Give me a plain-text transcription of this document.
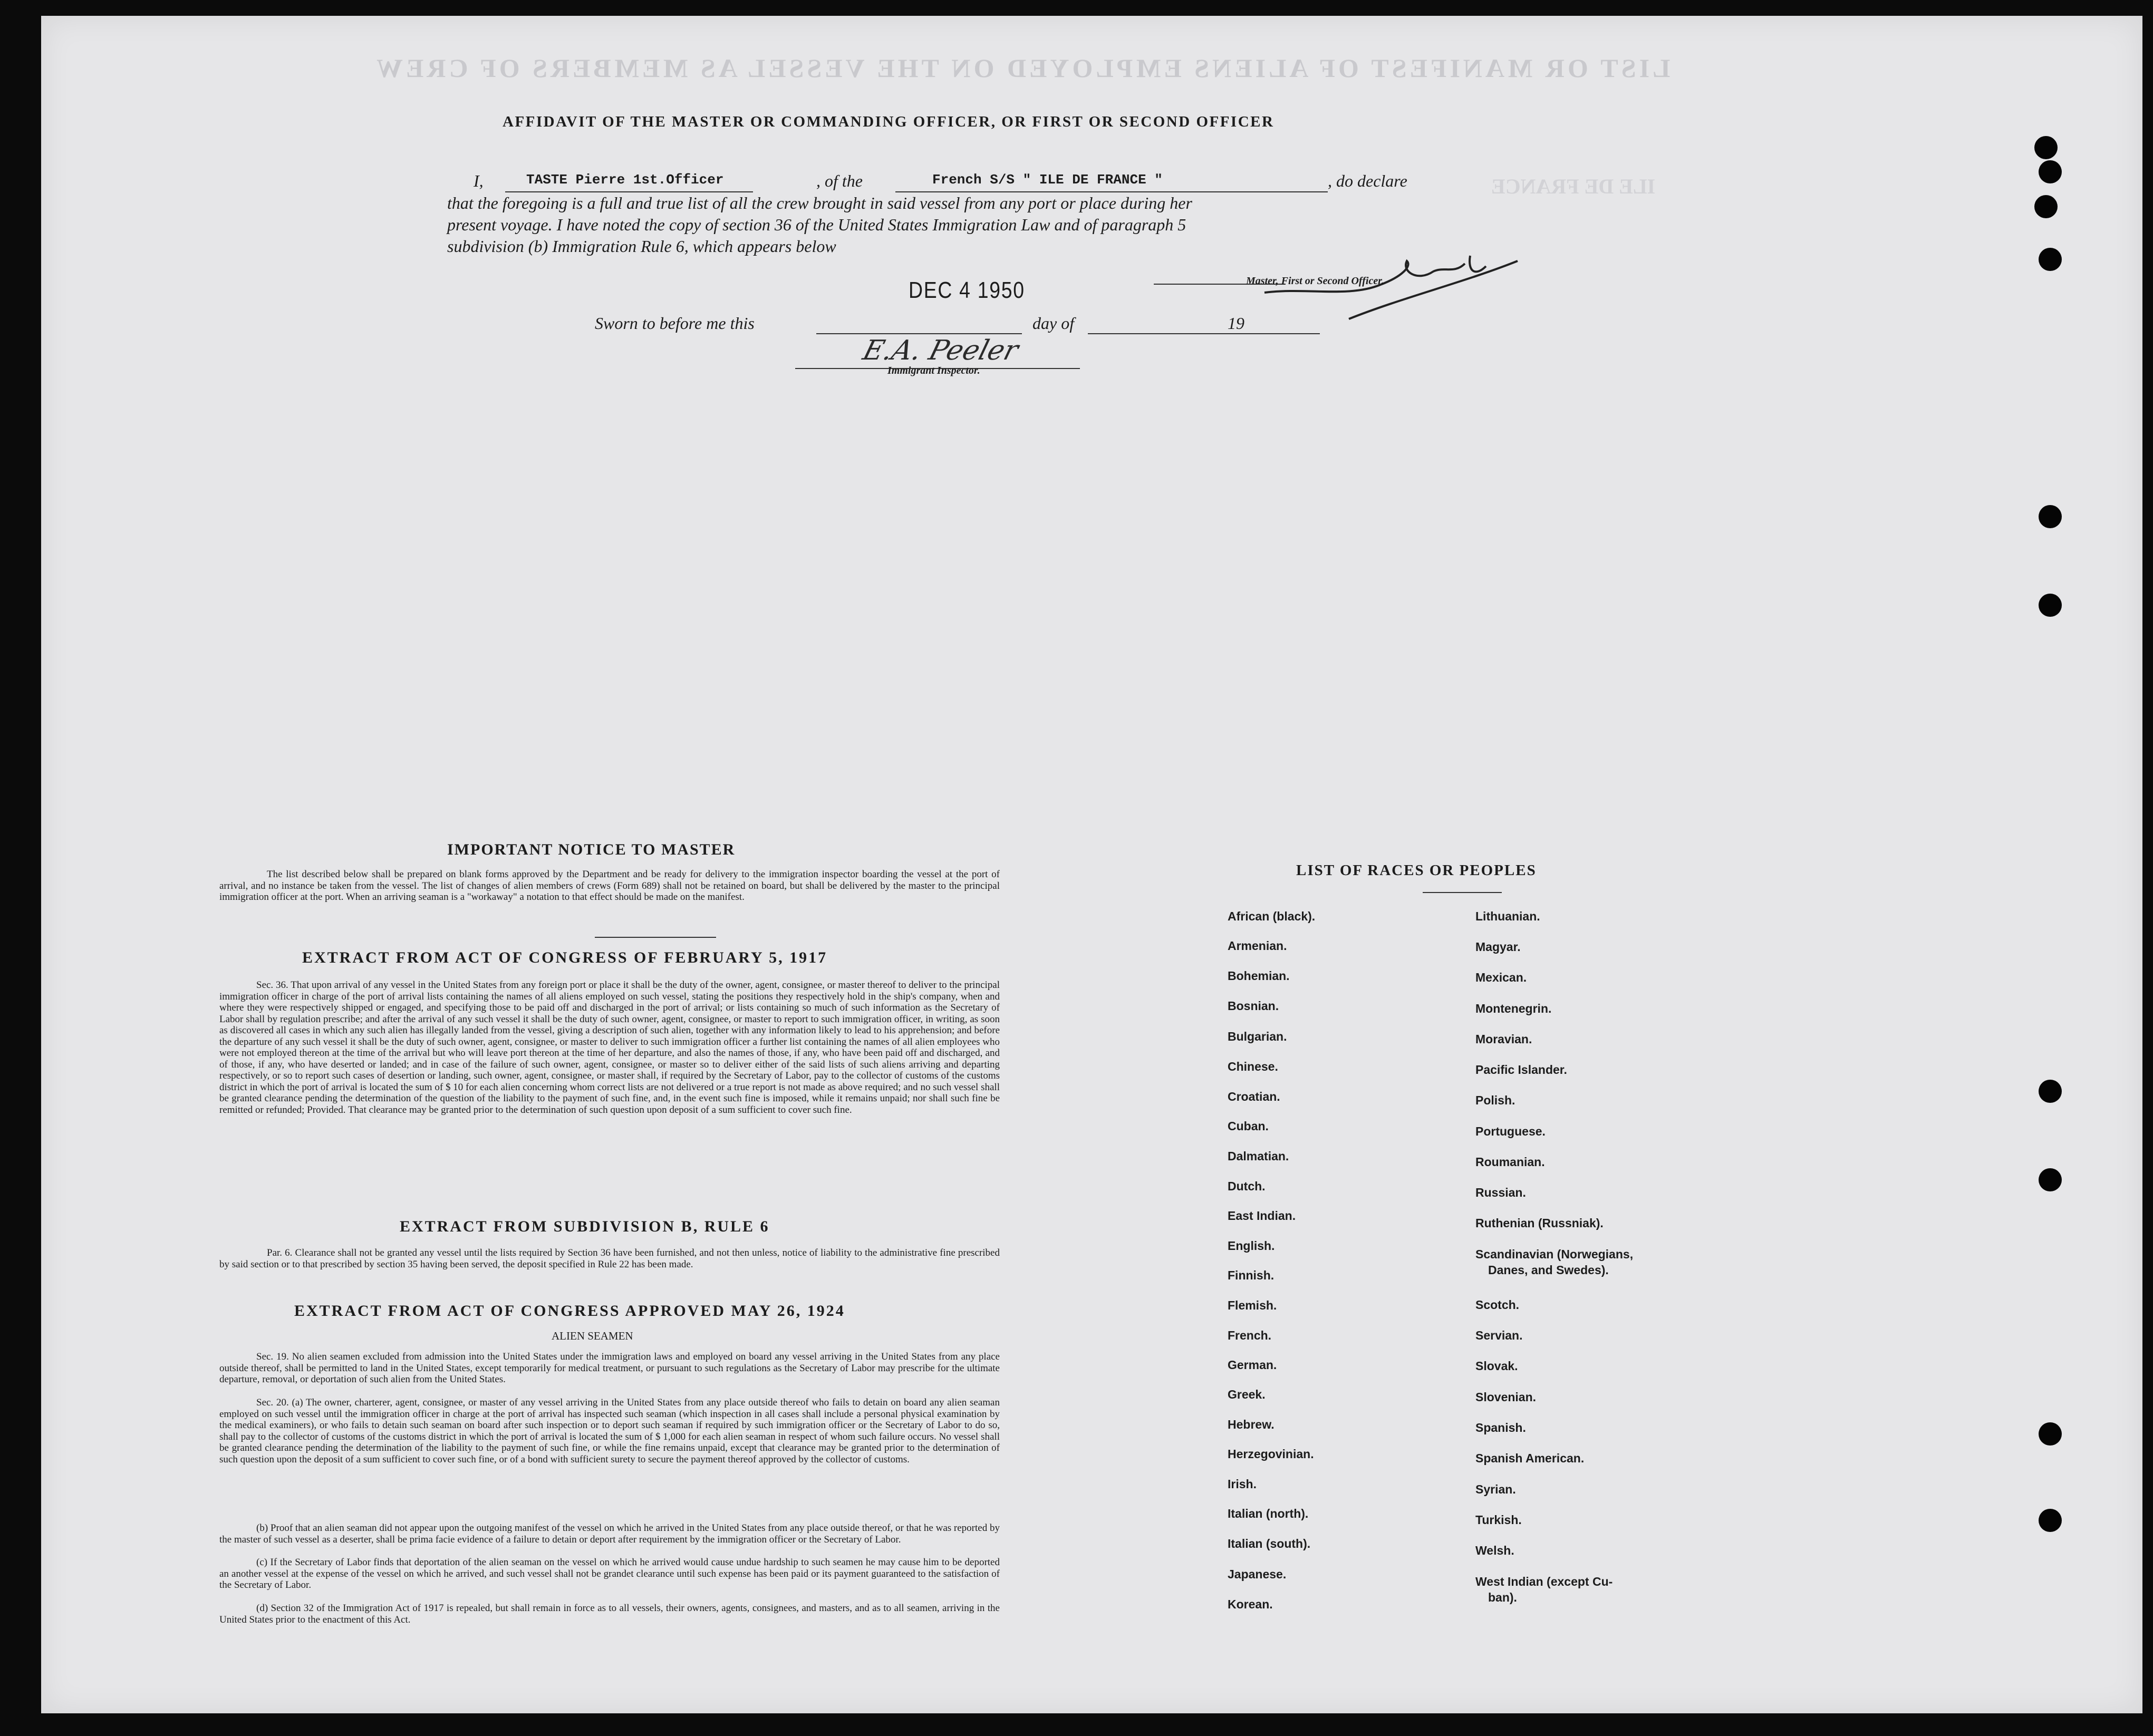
LIST OR MANIFEST OF ALIENS EMPLOYED ON THE VESSEL AS MEMBERS OF CREW
ILE DE FRANCE
AFFIDAVIT OF THE MASTER OR COMMANDING OFFICER, OR FIRST OR SECOND OFFICER
I,	TASTE Pierre 1st.Officer	, of the	French S/S " ILE DE FRANCE "	, do declare
that the foregoing is a full and true list of all the crew brought in said vessel from any port or place during her
present voyage. I have noted the copy of section 36 of the United States Immigration Law and of paragraph 5
subdivision (b) Immigration Rule 6, which appears below
Master, First or Second Officer.
DEC 4 1950
Sworn to before me this	day of	19
E.A. Peeler
Immigrant Inspector.
IMPORTANT NOTICE TO MASTER
The list described below shall be prepared on blank forms approved by the Department and be ready for delivery to the immigration inspector boarding the vessel at the port of arrival, and no instance be taken from the vessel. The list of changes of alien members of crews (Form 689) shall not be retained on board, but shall be delivered by the master to the principal immigration officer at the port. When an arriving seaman is a "workaway" a notation to that effect should be made on the manifest.
EXTRACT FROM ACT OF CONGRESS OF FEBRUARY 5, 1917
Sec. 36. That upon arrival of any vessel in the United States from any foreign port or place it shall be the duty of the owner, agent, consignee, or master thereof to deliver to the principal immigration officer in charge of the port of arrival lists containing the names of all aliens employed on such vessel, stating the positions they respectively hold in the ship's company, when and where they were respectively shipped or engaged, and specifying those to be paid off and discharged in the port of arrival; or lists containing so much of such information as the Secretary of Labor shall by regulation prescribe; and after the arrival of any such vessel it shall be the duty of such owner, agent, consignee, or master to report to such immigration officer, in writing, as soon as discovered all cases in which any such alien has illegally landed from the vessel, giving a description of such alien, together with any information likely to lead to his apprehension; and before the departure of any such vessel it shall be the duty of such owner, agent, consignee, or master to deliver to such immigration officer a further list containing the names of all alien employees who were not employed thereon at the time of the arrival but who will leave port thereon at the time of her departure, and also the names of those, if any, who have been paid off and discharged, and of those, if any, who have deserted or landed; and in case of the failure of such owner, agent, consignee, or master so to deliver either of the said lists of such aliens arriving and departing respectively, or so to report such cases of desertion or landing, such owner, agent, consignee, or master shall, if required by the Secretary of Labor, pay to the collector of customs of the customs district in which the port of arrival is located the sum of $ 10 for each alien concerning whom correct lists are not delivered or a true report is not made as above required; and no such vessel shall be granted clearance pending the determination of the question of the liability to the payment of such fine, and, in the event such fine is imposed, while it remains unpaid; nor shall such fine be remitted or refunded; Provided. That clearance may be granted prior to the determination of such question upon deposit of a sum sufficient to cover such fine.
EXTRACT FROM SUBDIVISION B, RULE 6
Par. 6. Clearance shall not be granted any vessel until the lists required by Section 36 have been furnished, and not then unless, notice of liability to the administrative fine prescribed by said section or to that prescribed by section 35 having been served, the deposit specified in Rule 22 has been made.
EXTRACT FROM ACT OF CONGRESS APPROVED MAY 26, 1924
ALIEN SEAMEN
Sec. 19. No alien seamen excluded from admission into the United States under the immigration laws and employed on board any vessel arriving in the United States from any place outside thereof, shall be permitted to land in the United States, except temporarily for medical treatment, or pursuant to such regulations as the Secretary of Labor may prescribe for the ultimate departure, removal, or deportation of such alien from the United States.
Sec. 20. (a) The owner, charterer, agent, consignee, or master of any vessel arriving in the United States from any place outside thereof who fails to detain on board any alien seaman employed on such vessel until the immigration officer in charge at the port of arrival has inspected such seaman (which inspection in all cases shall include a personal physical examination by the medical examiners), or who fails to detain such seaman on board after such inspection or to deport such seaman if required by such immigration officer or the Secretary of Labor to do so, shall pay to the collector of customs of the customs district in which the port of arrival is located the sum of $ 1,000 for each alien seaman in respect of whom such failure occurs. No vessel shall be granted clearance pending the determination of the liability to the payment of such fine, or while the fine remains unpaid, except that clearance may be granted prior to the determination of such question upon the deposit of a sum sufficient to cover such fine, or of a bond with sufficient surety to secure the payment thereof approved by the collector of customs.
(b) Proof that an alien seaman did not appear upon the outgoing manifest of the vessel on which he arrived in the United States from any place outside thereof, or that he was reported by the master of such vessel as a deserter, shall be prima facie evidence of a failure to detain or deport after requirement by the immigration officer or the Secretary of Labor.
(c) If the Secretary of Labor finds that deportation of the alien seaman on the vessel on which he arrived would cause undue hardship to such seamen he may cause him to be deported an another vessel at the expense of the vessel on which he arrived, and such vessel shall not be grandet clearance until such expense has been paid or its payment guaranteed to the satisfaction of the Secretary of Labor.
(d) Section 32 of the Immigration Act of 1917 is repealed, but shall remain in force as to all vessels, their owners, agents, consignees, and masters, and as to all seamen, arriving in the United States prior to the enactment of this Act.
LIST OF RACES OR PEOPLES
African (black).
Armenian.
Bohemian.
Bosnian.
Bulgarian.
Chinese.
Croatian.
Cuban.
Dalmatian.
Dutch.
East Indian.
English.
Finnish.
Flemish.
French.
German.
Greek.
Hebrew.
Herzegovinian.
Irish.
Italian (north).
Italian (south).
Japanese.
Korean.
Lithuanian.
Magyar.
Mexican.
Montenegrin.
Moravian.
Pacific Islander.
Polish.
Portuguese.
Roumanian.
Russian.
Ruthenian (Russniak).
Scandinavian (Norwegians,
Danes, and Swedes).
Scotch.
Servian.
Slovak.
Slovenian.
Spanish.
Spanish American.
Syrian.
Turkish.
Welsh.
West Indian (except Cu-
ban).
